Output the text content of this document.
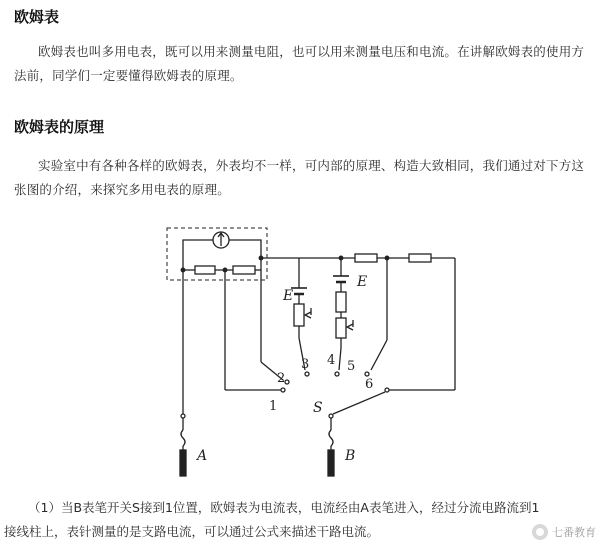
欧姆表
欧姆表也叫多用电表，既可以用来测量电阻，也可以用来测量电压和电流。在讲解欧姆表的使用方法前，同学们一定要懂得欧姆表的原理。
欧姆表的原理
实验室中有各种各样的欧姆表，外表均不一样，可内部的原理、构造大致相同，我们通过对下方这张图的介绍，来探究多用电表的原理。
E
E
S
A	B
1
2
3 4 5
6
（1）当B表笔开关S接到1位置，欧姆表为电流表，电流经由A表笔进入，经过分流电路流到1
接线柱上，表针测量的是支路电流，可以通过公式来描述干路电流。	七番教育
